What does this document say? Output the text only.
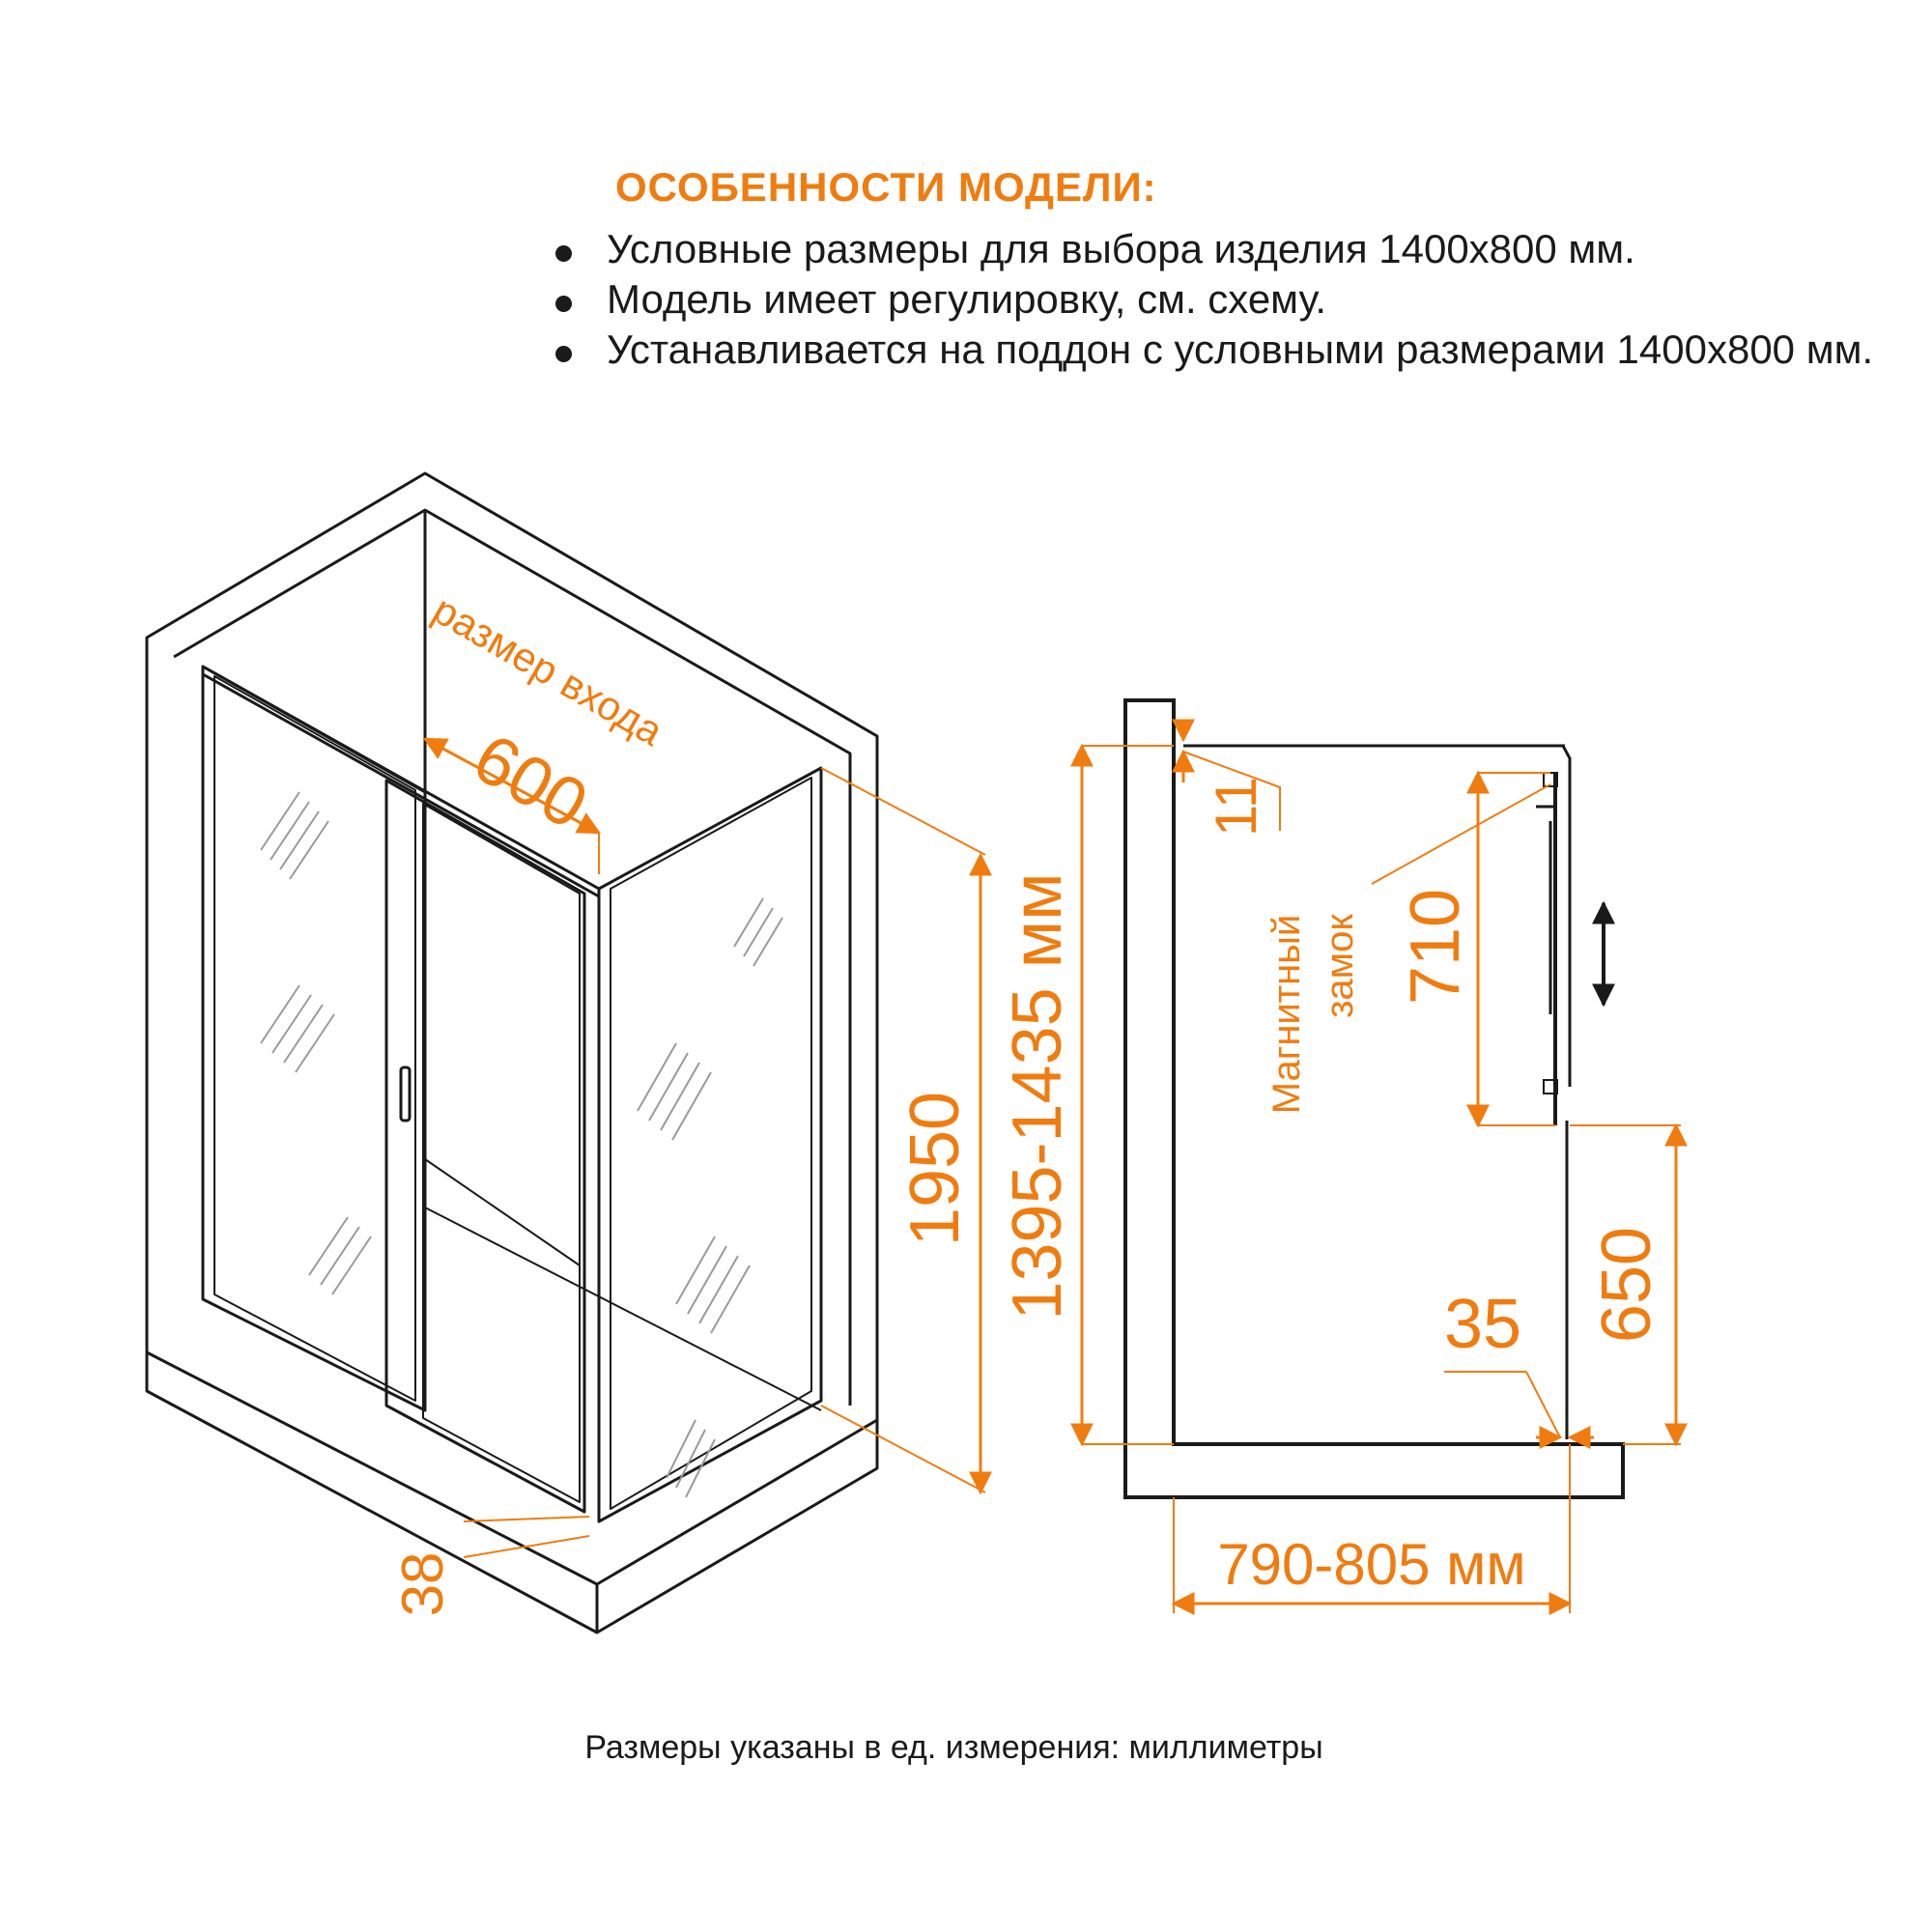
ОСОБЕННОСТИ МОДЕЛИ:
Условные размеры для выбора изделия 1400х800 мм.
Модель имеет регулировку, см. схему.
Устанавливается на поддон с условными размерами 1400х800 мм.
размер входа
600
1950
38
1395-1435 мм
11
Магнитный замок 710
650
35
790-805 мм
Размеры указаны в ед. измерения: миллиметры
